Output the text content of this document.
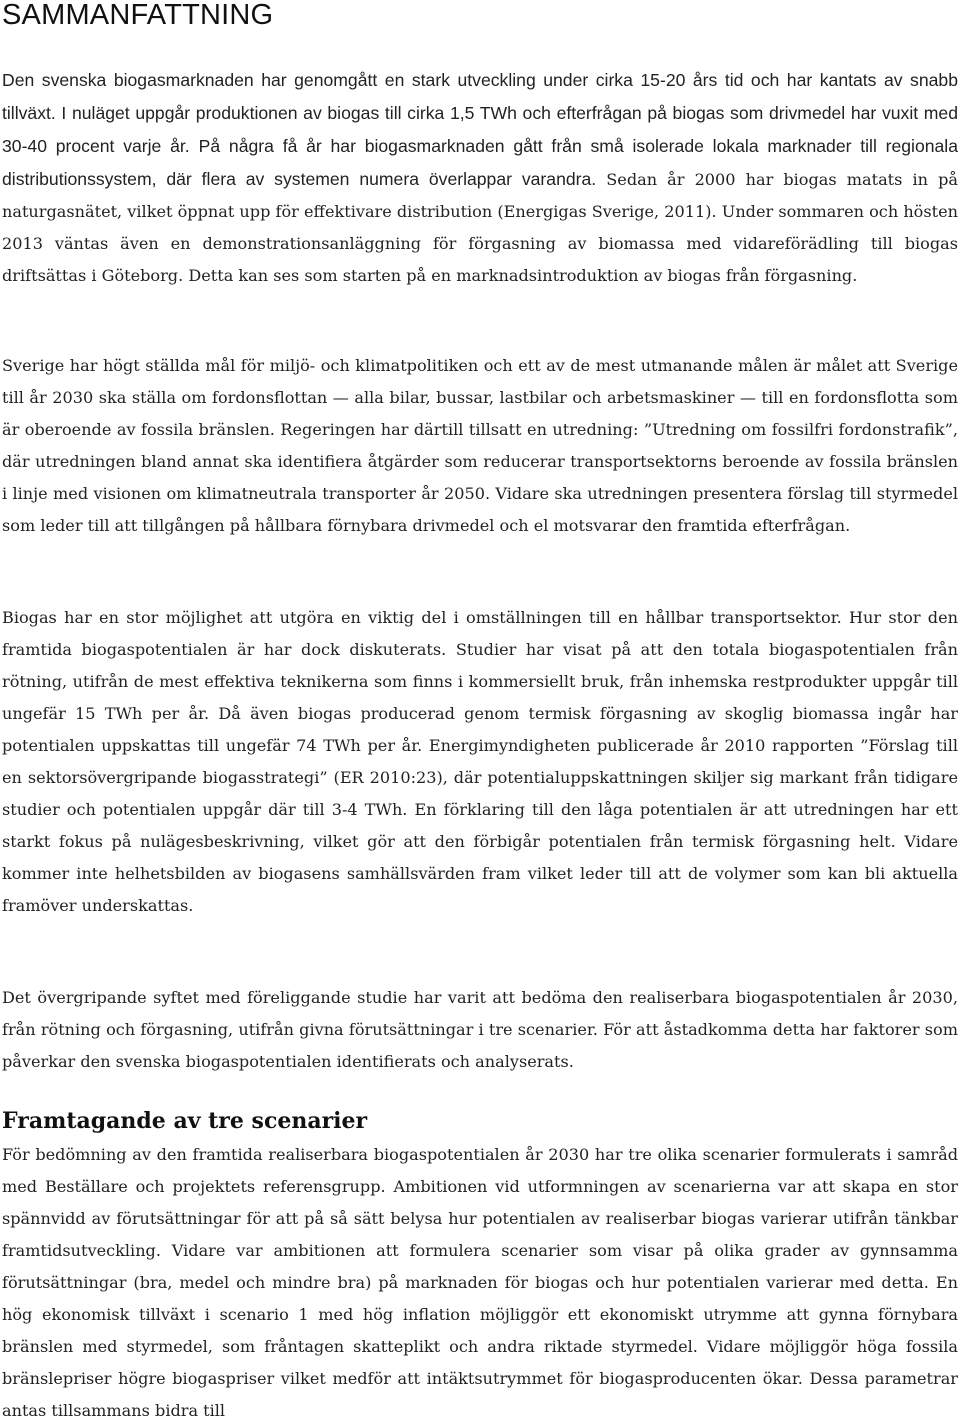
SAMMANFATTNING

Den svenska biogasmarknaden har genomgått en stark utveckling under cirka 15-20 års tid och har kantats av snabb tillväxt. I nuläget uppgår produktionen av biogas till cirka 1,5 TWh och efterfrågan på biogas som drivmedel har vuxit med 30-40 procent varje år. På några få år har biogasmarknaden gått från små isolerade lokala marknader till regionala distributionssystem, där flera av systemen numera överlappar varandra. Sedan år 2000 har biogas matats in på naturgasnätet, vilket öppnat upp för effektivare distribution (Energigas Sverige, 2011). Under sommaren och hösten 2013 väntas även en demonstrationsanläggning för förgasning av biomassa med vidareförädling till biogas driftsättas i Göteborg. Detta kan ses som starten på en marknadsintroduktion av biogas från förgasning.

Sverige har högt ställda mål för miljö- och klimatpolitiken och ett av de mest utmanande målen är målet att Sverige till år 2030 ska ställa om fordonsflottan — alla bilar, bussar, lastbilar och arbetsmaskiner — till en fordonsflotta som är oberoende av fossila bränslen. Regeringen har därtill tillsatt en utredning: ”Utredning om fossilfri fordonstrafik”, där utredningen bland annat ska identifiera åtgärder som reducerar transportsektorns beroende av fossila bränslen i linje med visionen om klimatneutrala transporter år 2050. Vidare ska utredningen presentera förslag till styrmedel som leder till att tillgången på hållbara förnybara drivmedel och el motsvarar den framtida efterfrågan.

Biogas har en stor möjlighet att utgöra en viktig del i omställningen till en hållbar transportsektor. Hur stor den framtida biogaspotentialen är har dock diskuterats. Studier har visat på att den totala biogaspotentialen från rötning, utifrån de mest effektiva teknikerna som finns i kommersiellt bruk, från inhemska restprodukter uppgår till ungefär 15 TWh per år. Då även biogas producerad genom termisk förgasning av skoglig biomassa ingår har potentialen uppskattas till ungefär 74 TWh per år. Energimyndigheten publicerade år 2010 rapporten ”Förslag till en sektorsövergripande biogasstrategi” (ER 2010:23), där potentialuppskattningen skiljer sig markant från tidigare studier och potentialen uppgår där till 3-4 TWh. En förklaring till den låga potentialen är att utredningen har ett starkt fokus på nulägesbeskrivning, vilket gör att den förbigår potentialen från termisk förgasning helt. Vidare kommer inte helhetsbilden av biogasens samhällsvärden fram vilket leder till att de volymer som kan bli aktuella framöver underskattas.

Det övergripande syftet med föreliggande studie har varit att bedöma den realiserbara biogaspotentialen år 2030, från rötning och förgasning, utifrån givna förutsättningar i tre scenarier. För att åstadkomma detta har faktorer som påverkar den svenska biogaspotentialen identifierats och analyserats.

Framtagande av tre scenarier

För bedömning av den framtida realiserbara biogaspotentialen år 2030 har tre olika scenarier formulerats i samråd med Beställare och projektets referensgrupp. Ambitionen vid utformningen av scenarierna var att skapa en stor spännvidd av förutsättningar för att på så sätt belysa hur potentialen av realiserbar biogas varierar utifrån tänkbar framtidsutveckling. Vidare var ambitionen att formulera scenarier som visar på olika grader av gynnsamma förutsättningar (bra, medel och mindre bra) på marknaden för biogas och hur potentialen varierar med detta. En hög ekonomisk tillväxt i scenario 1 med hög inflation möjliggör ett ekonomiskt utrymme att gynna förnybara bränslen med styrmedel, som fråntagen skatteplikt och andra riktade styrmedel. Vidare möjliggör höga fossila bränslepriser högre biogaspriser vilket medför att intäktsutrymmet för biogasproducenten ökar. Dessa parametrar antas tillsammans bidra till
